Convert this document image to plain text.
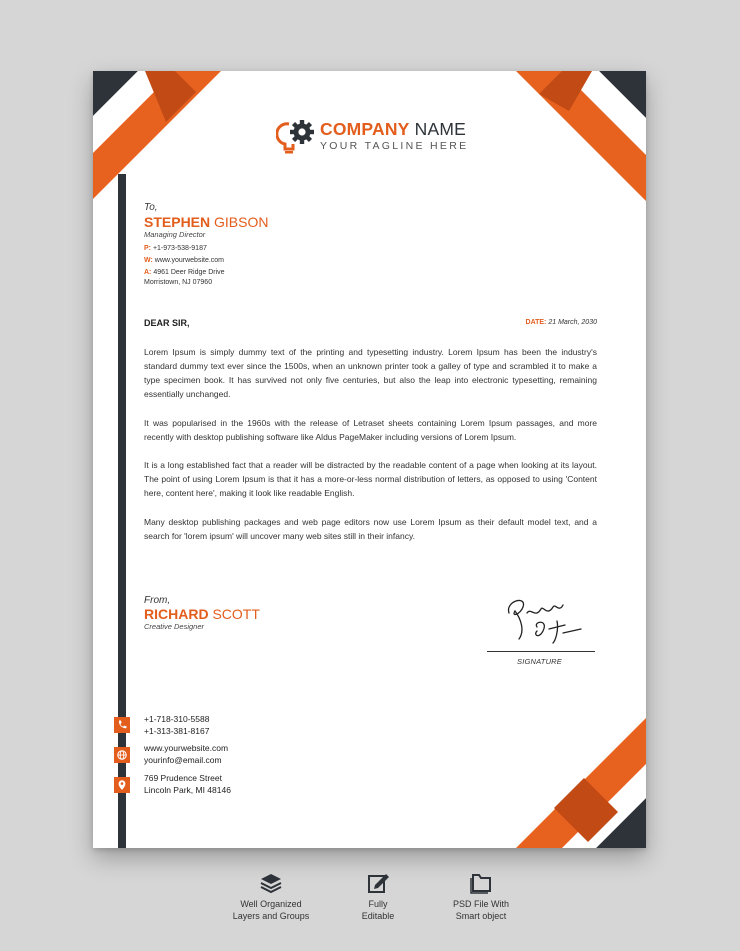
COMPANY NAME
YOUR TAGLINE HERE
To,
STEPHEN GIBSON
Managing Director
P: +1-973-538-9187
W: www.yourwebsite.com
A: 4961 Deer Ridge Drive
Morristown, NJ 07960
DEAR SIR,	DATE: 21 March, 2030

Lorem Ipsum is simply dummy text of the printing and typesetting industry. Lorem Ipsum has been the industry's standard dummy text ever since the 1500s, when an unknown printer took a galley of type and scrambled it to make a type specimen book. It has survived not only five centuries, but also the leap into electronic typesetting, remaining essentially unchanged.

It was popularised in the 1960s with the release of Letraset sheets containing Lorem Ipsum passages, and more recently with desktop publishing software like Aldus PageMaker including versions of Lorem Ipsum.

It is a long established fact that a reader will be distracted by the readable content of a page when looking at its layout. The point of using Lorem Ipsum is that it has a more-or-less normal distribution of letters, as opposed to using 'Content here, content here', making it look like readable English.

Many desktop publishing packages and web page editors now use Lorem Ipsum as their default model text, and a search for 'lorem ipsum' will uncover many web sites still in their infancy.

From,
RICHARD SCOTT
Creative Designer
SIGNATURE
+1-718-310-5588
+1-313-381-8167
www.yourwebsite.com
yourinfo@email.com
769 Prudence Street
Lincoln Park, MI 48146
Well Organized
Layers and Groups
Fully
Editable
PSD File With
Smart object
